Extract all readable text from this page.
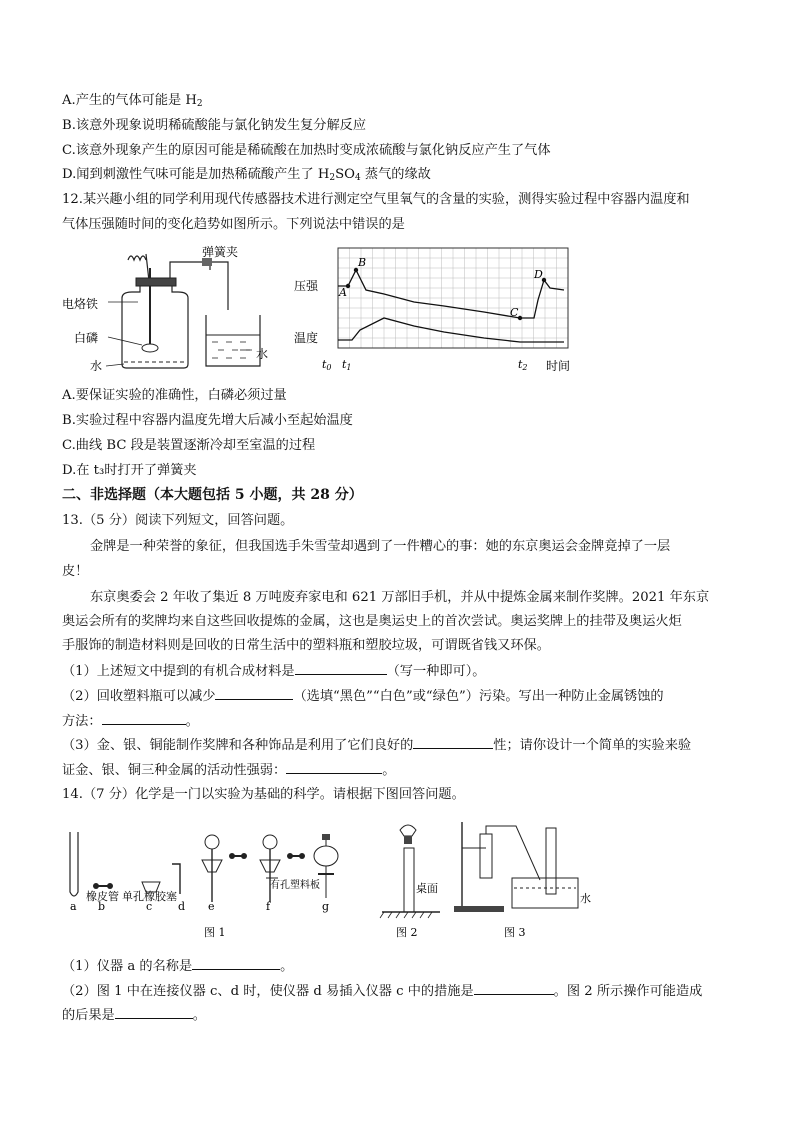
A.产生的气体可能是 $H_2$
B.该意外现象说明稀硫酸能与氯化钠发生复分解反应
C.该意外现象产生的原因可能是稀硫酸在加热时变成浓硫酸与氯化钠反应产生了气体
D.闻到刺激性气味可能是加热稀硫酸产生了 $H_2SO_4$ 蒸气的缘故
12.某兴趣小组的同学利用现代传感器技术进行测定空气里氧气的含量的实验，测得实验过程中容器内温度和
气体压强随时间的变化趋势如图所示。下列说法中错误的是
弹簧夹
电烙铁
白磷
水
水
压强
温度
A
B
C
D
t0 t1	t2 时间
A.要保证实验的准确性，白磷必须过量
B.实验过程中容器内温度先增大后减小至起始温度
C.曲线 BC 段是装置逐渐冷却至室温的过程
D.在 t₃时打开了弹簧夹
二、非选择题（本大题包括 5 小题，共 28 分）
13.（5 分）阅读下列短文，回答问题。
金牌是一种荣誉的象征，但我国选手朱雪莹却遇到了一件糟心的事：她的东京奥运会金牌竟掉了一层
皮！
东京奥委会 2 年收了集近 8 万吨废弃家电和 621 万部旧手机，并从中提炼金属来制作奖牌。2021 年东京
奥运会所有的奖牌均来自这些回收提炼的金属，这也是奥运史上的首次尝试。奥运奖牌上的挂带及奥运火炬
手服饰的制造材料则是回收的日常生活中的塑料瓶和塑胶垃圾，可谓既省钱又环保。
（1）上述短文中提到的有机合成材料是	（写一种即可）。
（2）回收塑料瓶可以减少	（选填“黑色”“白色”或“绿色”）污染。写出一种防止金属锈蚀的
方法：	。
（3）金、银、铜能制作奖牌和各种饰品是利用了它们良好的	性；请你设计一个简单的实验来验
证金、银、铜三种金属的活动性强弱：	。
14.（7 分）化学是一门以实验为基础的科学。请根据下图回答问题。
a b	c d e	f	g
橡皮管 单孔橡胶塞
有孔塑料板
图 1
桌面
图 2
水
图 3
（1）仪器 a 的名称是	。
（2）图 1 中在连接仪器 c、d 时，使仪器 d 易插入仪器 c 中的措施是	。图 2 所示操作可能造成
的后果是	。
